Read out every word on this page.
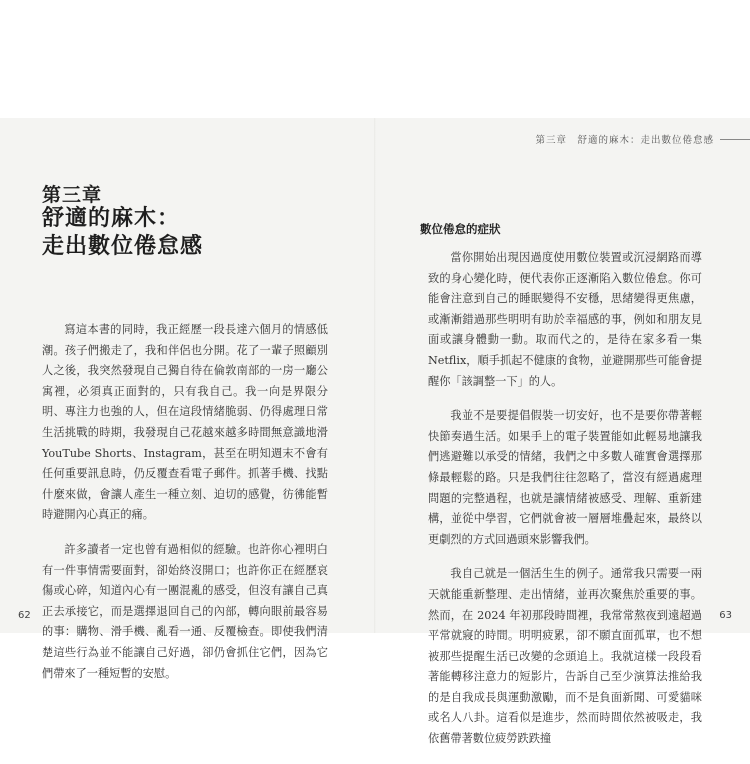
第三章
舒適的麻木：
走出數位倦怠感

寫這本書的同時，我正經歷一段長達六個月的情感低潮。孩子們搬走了，我和伴侶也分開。花了一輩子照顧別人之後，我突然發現自己獨自待在倫敦南部的一房一廳公寓裡，必須真正面對的，只有我自己。我一向是界限分明、專注力也強的人，但在這段情緒脆弱、仍得處理日常生活挑戰的時期，我發現自己花越來越多時間無意識地滑 YouTube Shorts、Instagram，甚至在明知週末不會有任何重要訊息時，仍反覆查看電子郵件。抓著手機、找點什麼來做，會讓人產生一種立刻、迫切的感覺，彷彿能暫時避開內心真正的痛。

許多讀者一定也曾有過相似的經驗。也許你心裡明白有一件事情需要面對，卻始終沒開口；也許你正在經歷哀傷或心碎，知道內心有一團混亂的感受，但沒有讓自己真正去承接它，而是選擇退回自己的內部，轉向眼前最容易的事：購物、滑手機、亂看一通、反覆檢查。即使我們清楚這些行為並不能讓自己好過，卻仍會抓住它們，因為它們帶來了一種短暫的安慰。

62
第三章　舒適的麻木：走出數位倦怠感
數位倦怠的症狀

當你開始出現因過度使用數位裝置或沉浸網路而導致的身心變化時，便代表你正逐漸陷入數位倦怠。你可能會注意到自己的睡眠變得不安穩，思緒變得更焦慮，或漸漸錯過那些明明有助於幸福感的事，例如和朋友見面或讓身體動一動。取而代之的，是待在家多看一集 Netflix，順手抓起不健康的食物，並避開那些可能會提醒你「該調整一下」的人。

我並不是要提倡假裝一切安好，也不是要你帶著輕快節奏過生活。如果手上的電子裝置能如此輕易地讓我們逃避難以承受的情緒，我們之中多數人確實會選擇那條最輕鬆的路。只是我們往往忽略了，當沒有經過處理問題的完整過程，也就是讓情緒被感受、理解、重新建構，並從中學習，它們就會被一層層堆疊起來，最終以更劇烈的方式回過頭來影響我們。

我自己就是一個活生生的例子。通常我只需要一兩天就能重新整理、走出情緒，並再次聚焦於重要的事。然而，在 2024 年初那段時間裡，我常常熬夜到遠超過平常就寢的時間。明明疲累，卻不願直面孤單，也不想被那些提醒生活已改變的念頭追上。我就這樣一段段看著能轉移注意力的短影片，告訴自己至少演算法推給我的是自我成長與運動激勵，而不是負面新聞、可愛貓咪或名人八卦。這看似是進步，然而時間依然被吸走，我依舊帶著數位疲勞跌跌撞

63
